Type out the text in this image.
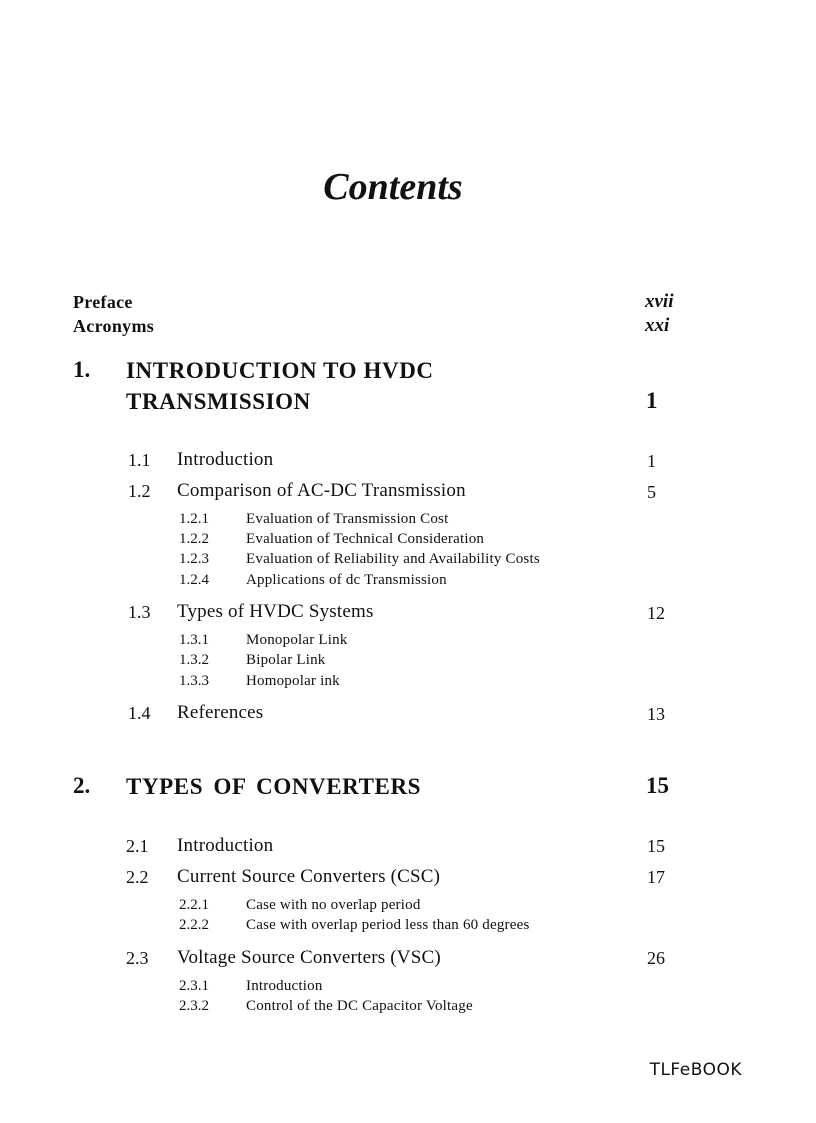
Contents
Preface	xvii
Acronyms	xxi
1. INTRODUCTION TO HVDC
TRANSMISSION	1
1.1 Introduction	1
1.2 Comparison of AC-DC Transmission	5
1.2.1 Evaluation of Transmission Cost
1.2.2 Evaluation of Technical Consideration
1.2.3 Evaluation of Reliability and Availability Costs
1.2.4 Applications of dc Transmission
1.3 Types of HVDC Systems	12
1.3.1 Monopolar Link
1.3.2 Bipolar Link
1.3.3 Homopolar ink
1.4 References	13
2. TYPES OF CONVERTERS	15
2.1 Introduction	15
2.2 Current Source Converters (CSC)	17
2.2.1 Case with no overlap period
2.2.2 Case with overlap period less than 60 degrees
2.3 Voltage Source Converters (VSC)	26
2.3.1 Introduction
2.3.2 Control of the DC Capacitor Voltage
TLFeBOOK
